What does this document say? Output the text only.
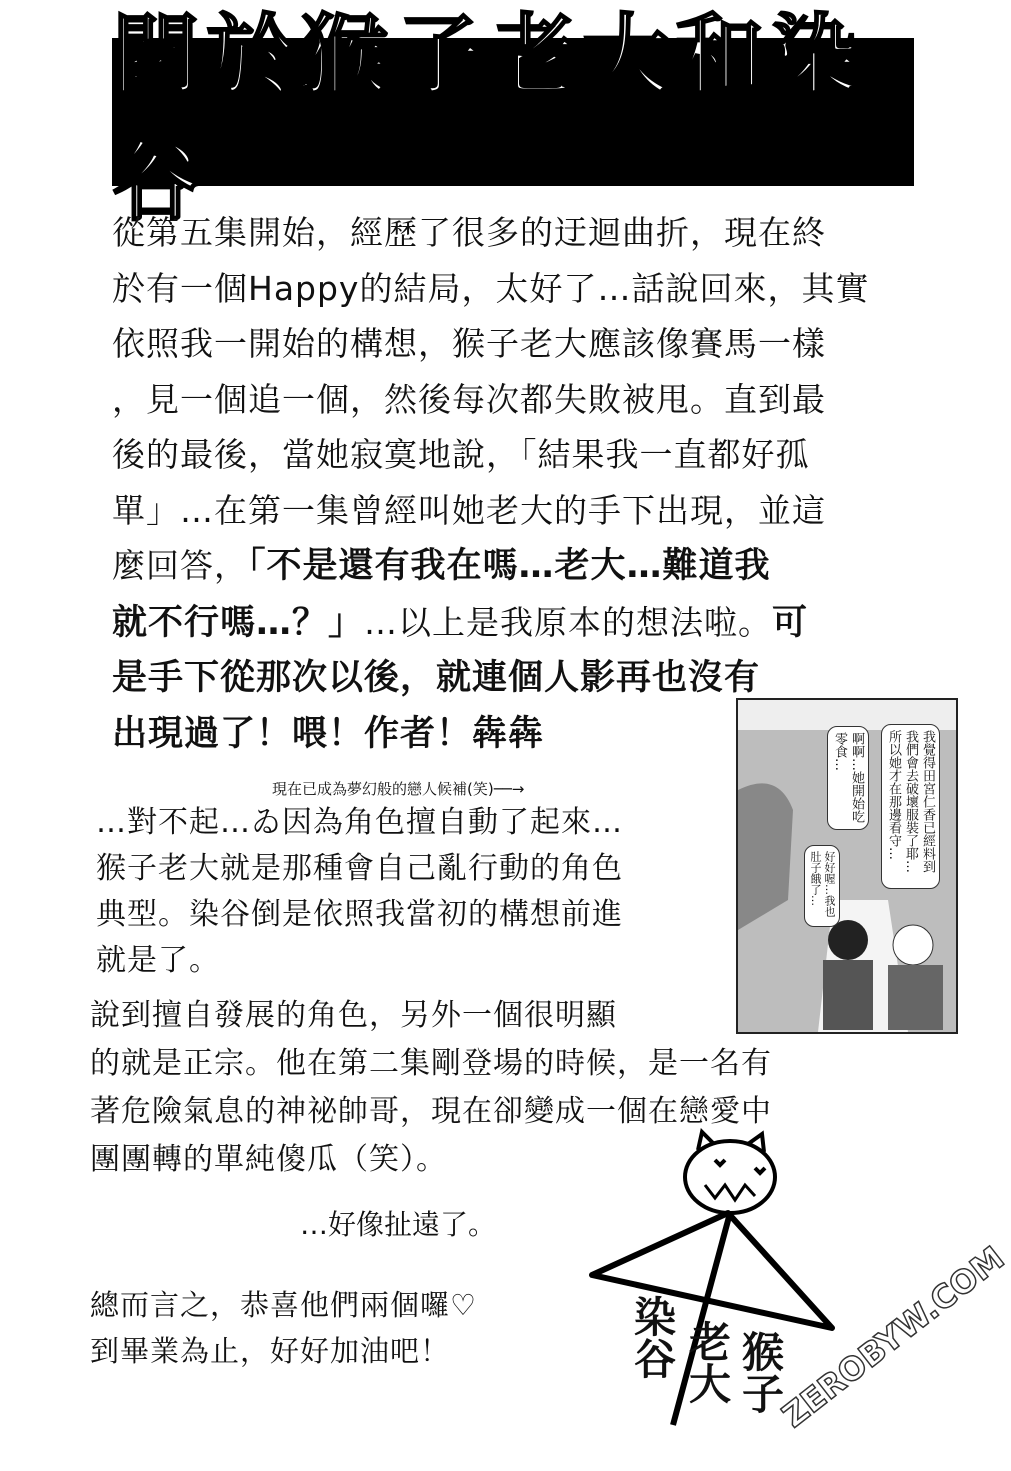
關於猴子老大和染谷
從第五集開始，經歷了很多的迂迴曲折，現在終
於有一個Happy的結局，太好了…話說回來，其實
依照我一開始的構想，猴子老大應該像賽馬一樣
，見一個追一個，然後每次都失敗被甩。直到最
後的最後，當她寂寞地說，「結果我一直都好孤
單」…在第一集曾經叫她老大的手下出現，並這
麼回答，「不是還有我在嗎…老大…難道我
就不行嗎…？」…以上是我原本的想法啦。可
是手下從那次以後，就連個人影再也沒有
出現過了！喂！作者！犇犇
現在已成為夢幻般的戀人候補(笑)──→	我覺得田宮仁香已經料到我們會去破壞服裝了耶…所以她才在那邊看守…
啊啊…她開始吃零食…
好好喔…我也肚子餓了…
…對不起…ゐ因為角色擅自動了起來…
猴子老大就是那種會自己亂行動的角色
典型。染谷倒是依照我當初的構想前進
就是了。
說到擅自發展的角色，另外一個很明顯
的就是正宗。他在第二集剛登場的時候，是一名有
著危險氣息的神祕帥哥，現在卻變成一個在戀愛中
團團轉的單純傻瓜（笑）。
…好像扯遠了。
總而言之，恭喜他們兩個囉♡
到畢業為止，好好加油吧！	染谷 老大 猴子
ZEROBYW.COM
